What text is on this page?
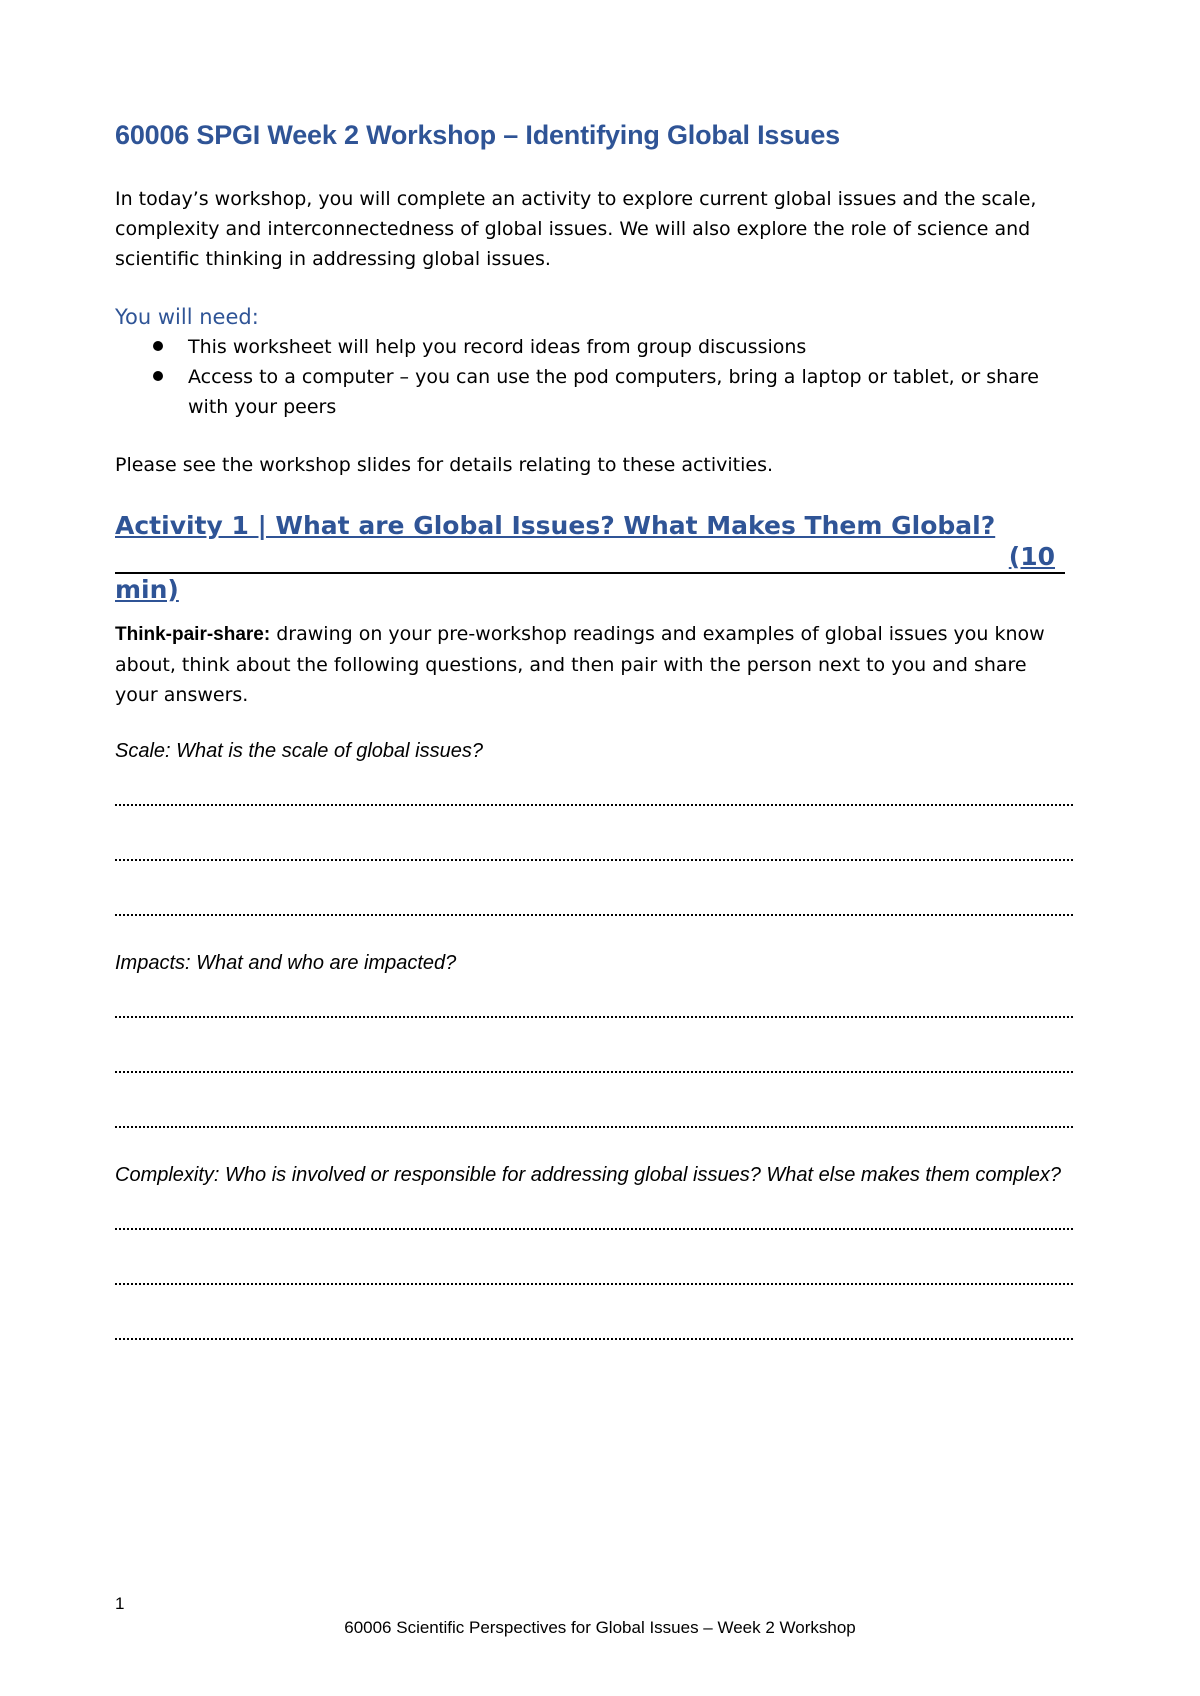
60006 SPGI Week 2 Workshop – Identifying Global Issues

In today’s workshop, you will complete an activity to explore current global issues and the scale, complexity and interconnectedness of global issues. We will also explore the role of science and scientific thinking in addressing global issues.

You will need:

This worksheet will help you record ideas from group discussions
Access to a computer – you can use the pod computers, bring a laptop or tablet, or share with your peers

Please see the workshop slides for details relating to these activities.

Activity 1 | What are Global Issues? What Makes Them Global?
(10
min)

Think-pair-share: drawing on your pre-workshop readings and examples of global issues you know about, think about the following questions, and then pair with the person next to you and share your answers.

Scale: What is the scale of global issues?

Impacts: What and who are impacted?

Complexity: Who is involved or responsible for addressing global issues? What else makes them complex?

1
60006 Scientific Perspectives for Global Issues – Week 2 Workshop
